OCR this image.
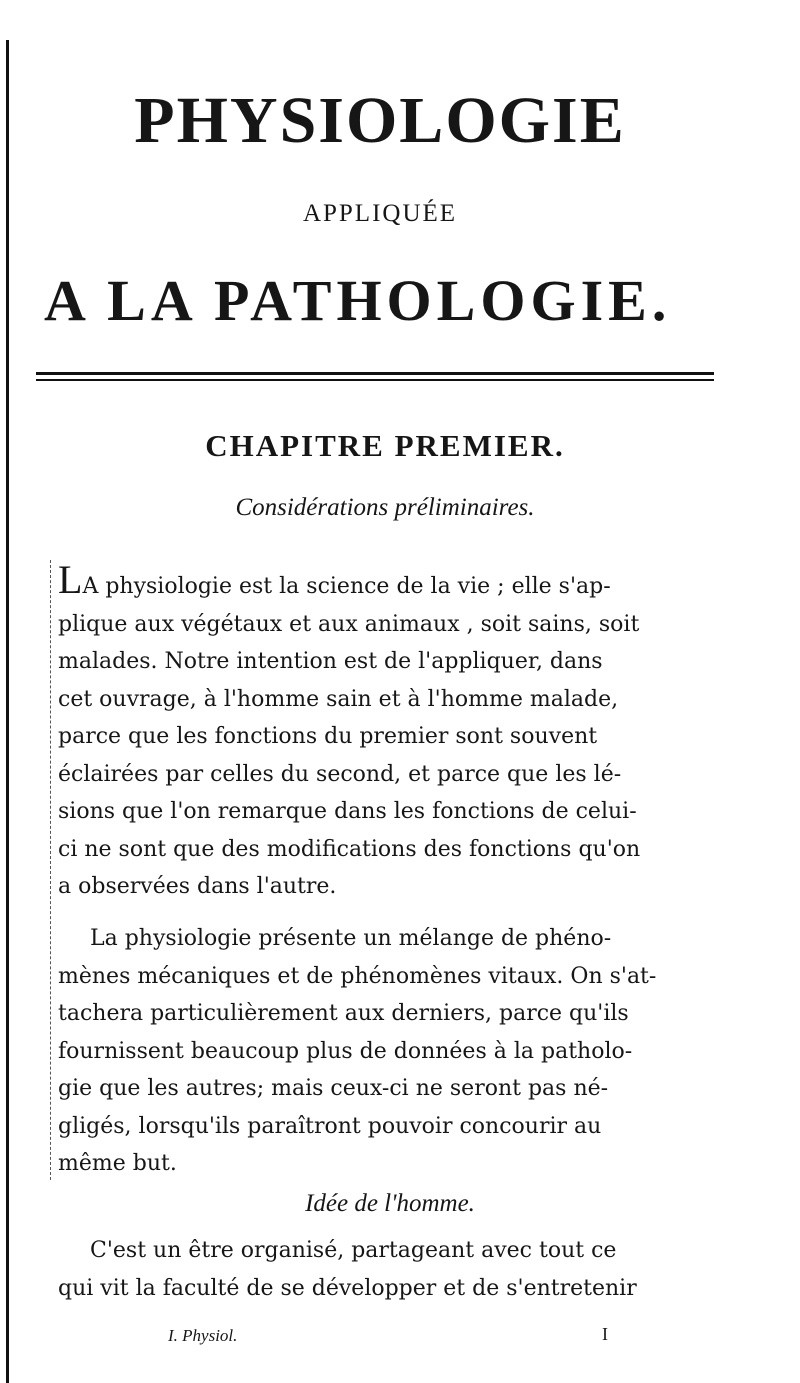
PHYSIOLOGIE
APPLIQUÉE
A LA PATHOLOGIE.
CHAPITRE PREMIER.
Considérations préliminaires.
LA physiologie est la science de la vie ; elle s'ap-
plique aux végétaux et aux animaux , soit sains, soit
malades. Notre intention est de l'appliquer, dans
cet ouvrage, à l'homme sain et à l'homme malade,
parce que les fonctions du premier sont souvent
éclairées par celles du second, et parce que les lé-
sions que l'on remarque dans les fonctions de celui-
ci ne sont que des modifications des fonctions qu'on
a observées dans l'autre.
La physiologie présente un mélange de phéno-
mènes mécaniques et de phénomènes vitaux. On s'at-
tachera particulièrement aux derniers, parce qu'ils
fournissent beaucoup plus de données à la patholo-
gie que les autres; mais ceux-ci ne seront pas né-
gligés, lorsqu'ils paraîtront pouvoir concourir au
même but.
Idée de l'homme.
C'est un être organisé, partageant avec tout ce
qui vit la faculté de se développer et de s'entretenir
I. Physiol.	I
